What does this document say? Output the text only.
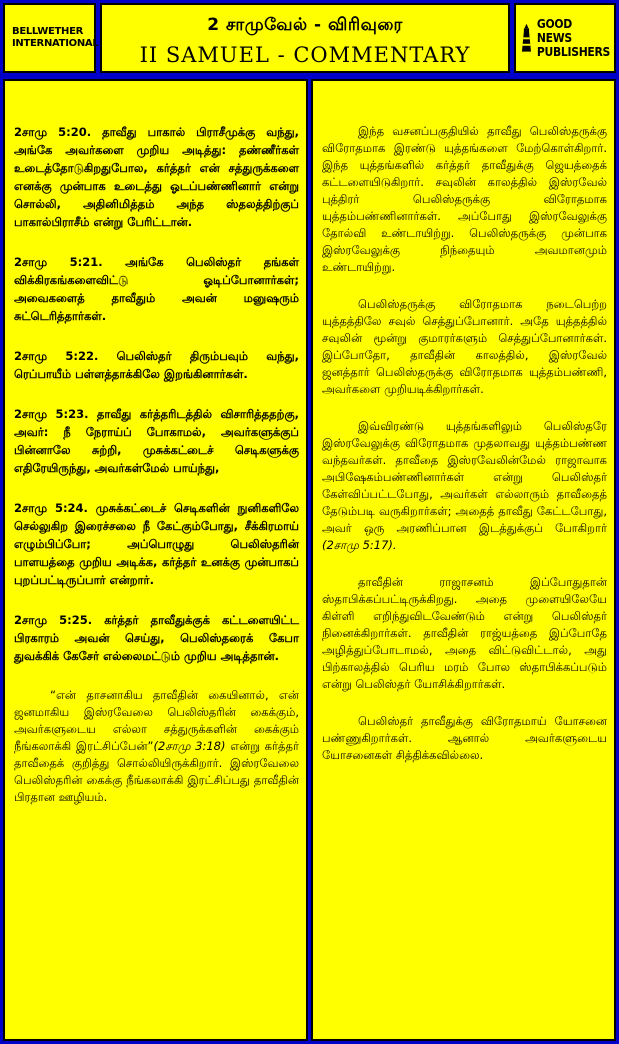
BELLWETHER
INTERNATIONAL
2 சாமுவேல் - விரிவுரை
II SAMUEL - COMMENTARY
GOOD NEWS
PUBLISHERS

2சாமு 5:20. தாவீது பாகால் பிராசீமுக்கு வந்து, அங்கே அவர்களை முறிய அடித்து: தண்ணீர்கள் உடைத்தோடுகிறதுபோல, கர்த்தர் என் சத்துருக்களை எனக்கு முன்பாக உடைத்து ஓடப்பண்ணினார் என்று சொல்லி, அதினிமித்தம் அந்த ஸ்தலத்திற்குப் பாகால்பிராசீம் என்று பேரிட்டான்.

2சாமு 5:21. அங்கே பெலிஸ்தர் தங்கள் விக்கிரகங்களைவிட்டு ஓடிப்போனார்கள்; அவைகளைத் தாவீதும் அவன் மனுஷரும் சுட்டெரித்தார்கள்.

2சாமு 5:22. பெலிஸ்தர் திரும்பவும் வந்து, ரெப்பாயீம் பள்ளத்தாக்கிலே இறங்கினார்கள்.

2சாமு 5:23. தாவீது கர்த்தரிடத்தில் விசாரித்ததற்கு, அவர்: நீ நேராய்ப் போகாமல், அவர்களுக்குப் பின்னாலே சுற்றி, முசுக்கட்டைச் செடிகளுக்கு எதிரேயிருந்து, அவர்கள்மேல் பாய்ந்து,

2சாமு 5:24. முசுக்கட்டைச் செடிகளின் நுனிகளிலே செல்லுகிற இரைச்சலை நீ கேட்கும்போது, சீக்கிரமாய் எழும்பிப்போ; அப்பொழுது பெலிஸ்தரின் பாளயத்தை முறிய அடிக்க, கர்த்தர் உனக்கு முன்பாகப் புறப்பட்டிருப்பார் என்றார்.

2சாமு 5:25. கர்த்தர் தாவீதுக்குக் கட்டளையிட்ட பிரகாரம் அவன் செய்து, பெலிஸ்தரைக் கேபா துவக்கிக் கேசேர் எல்லைமட்டும் முறிய அடித்தான்.

“என் தாசனாகிய தாவீதின் கையினால், என் ஜனமாகிய இஸ்ரவேலை பெலிஸ்தரின் கைக்கும், அவர்களுடைய எல்லா சத்துருக்களின் கைக்கும் நீங்கலாக்கி இரட்சிப்பேன்”(2சாமு 3:18) என்று கர்த்தர் தாவீதைக் குறித்து சொல்லியிருக்கிறார். இஸ்ரவேலை பெலிஸ்தரின் கைக்கு நீங்கலாக்கி இரட்சிப்பது தாவீதின் பிரதான ஊழியம்.

இந்த வசனப்பகுதியில் தாவீது பெலிஸ்தருக்கு விரோதமாக இரண்டு யுத்தங்களை மேற்கொள்கிறார். இந்த யுத்தங்களில் கர்த்தர் தாவீதுக்கு ஜெயத்தைக் கட்டளையிடுகிறார். சவுலின் காலத்தில் இஸ்ரவேல் புத்திரர் பெலிஸ்தருக்கு விரோதமாக யுத்தம்பண்ணினார்கள். அப்போது இஸ்ரவேலுக்கு தோல்வி உண்டாயிற்று. பெலிஸ்தருக்கு முன்பாக இஸ்ரவேலுக்கு நிந்தையும் அவமானமும் உண்டாயிற்று.

பெலிஸ்தருக்கு விரோதமாக நடைபெற்ற யுத்தத்திலே சவுல் செத்துப்போனார். அதே யுத்தத்தில் சவுலின் மூன்று குமாரர்களும் செத்துப்போனார்கள். இப்போதோ, தாவீதின் காலத்தில், இஸ்ரவேல் ஜனத்தார் பெலிஸ்தருக்கு விரோதமாக யுத்தம்பண்ணி, அவர்களை முறியடிக்கிறார்கள்.

இவ்விரண்டு யுத்தங்களிலும் பெலிஸ்தரே இஸ்ரவேலுக்கு விரோதமாக முதலாவது யுத்தம்பண்ண வந்தவர்கள். தாவீதை இஸ்ரவேலின்மேல் ராஜாவாக அபிஷேகம்பண்ணினார்கள் என்று பெலிஸ்தர் கேள்விப்பட்டபோது, அவர்கள் எல்லாரும் தாவீதைத் தேடும்படி வருகிறார்கள்; அதைத் தாவீது கேட்டபோது, அவர் ஒரு அரணிப்பான இடத்துக்குப் போகிறார் (2சாமு 5:17).

தாவீதின் ராஜாசனம் இப்போதுதான் ஸ்தாபிக்கப்பட்டிருக்கிறது. அதை முளையிலேயே கிள்ளி எறிந்துவிடவேண்டும் என்று பெலிஸ்தர் நினைக்கிறார்கள். தாவீதின் ராஜ்யத்தை இப்போதே அழித்துப்போடாமல், அதை விட்டுவிட்டால், அது பிற்காலத்தில் பெரிய மரம் போல ஸ்தாபிக்கப்படும் என்று பெலிஸ்தர் யோசிக்கிறார்கள்.

பெலிஸ்தர் தாவீதுக்கு விரோதமாய் யோசனை பண்ணுகிறார்கள். ஆனால் அவர்களுடைய யோசனைகள் சித்திக்கவில்லை.
